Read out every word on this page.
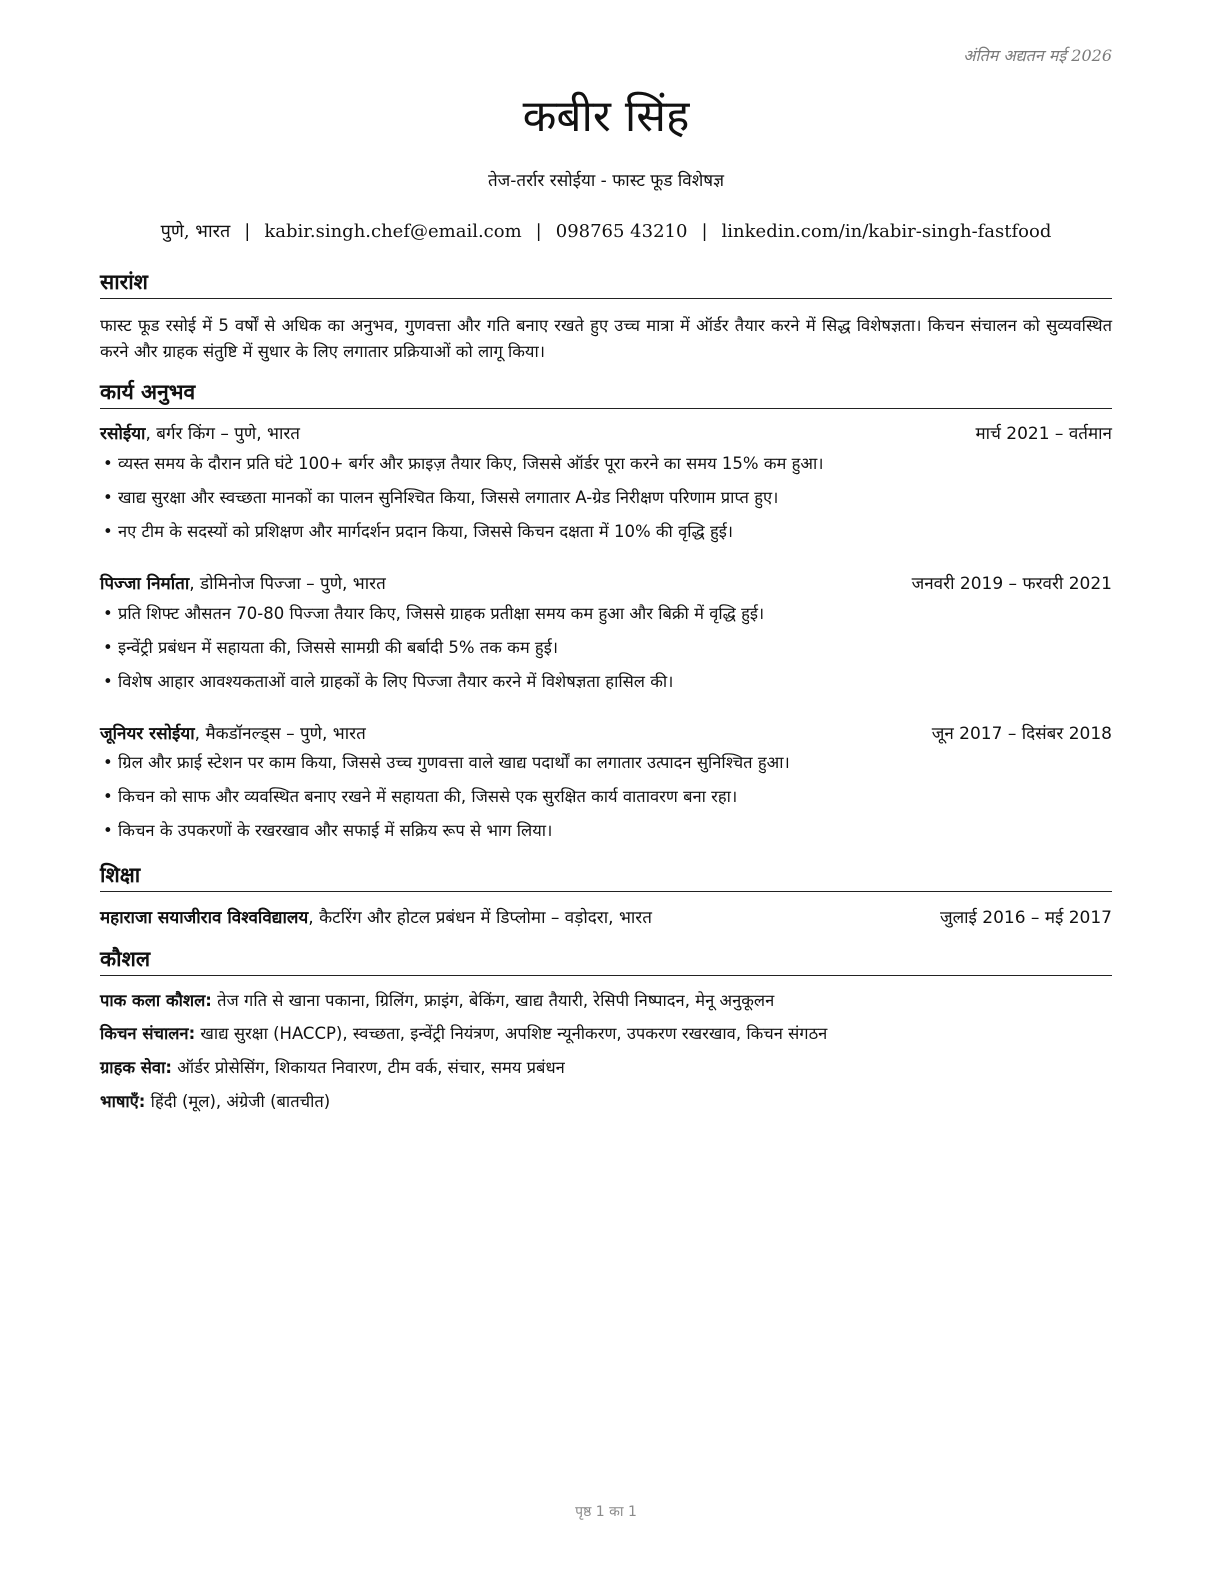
अंतिम अद्यतन मई 2026
कबीर सिंह
तेज-तर्रार रसोईया - फास्ट फूड विशेषज्ञ
पुणे, भारत | kabir.singh.chef@email.com | 098765 43210 | linkedin.com/in/kabir-singh-fastfood
सारांश
फास्ट फूड रसोई में 5 वर्षों से अधिक का अनुभव, गुणवत्ता और गति बनाए रखते हुए उच्च मात्रा में ऑर्डर तैयार करने में सिद्ध विशेषज्ञता। किचन संचालन को सुव्यवस्थित करने और ग्राहक संतुष्टि में सुधार के लिए लगातार प्रक्रियाओं को लागू किया।
कार्य अनुभव
रसोईया, बर्गर किंग – पुणे, भारत	मार्च 2021 – वर्तमान
• व्यस्त समय के दौरान प्रति घंटे 100+ बर्गर और फ्राइज़ तैयार किए, जिससे ऑर्डर पूरा करने का समय 15% कम हुआ।
• खाद्य सुरक्षा और स्वच्छता मानकों का पालन सुनिश्चित किया, जिससे लगातार A-ग्रेड निरीक्षण परिणाम प्राप्त हुए।
• नए टीम के सदस्यों को प्रशिक्षण और मार्गदर्शन प्रदान किया, जिससे किचन दक्षता में 10% की वृद्धि हुई।
पिज्जा निर्माता, डोमिनोज पिज्जा – पुणे, भारत	जनवरी 2019 – फरवरी 2021
• प्रति शिफ्ट औसतन 70-80 पिज्जा तैयार किए, जिससे ग्राहक प्रतीक्षा समय कम हुआ और बिक्री में वृद्धि हुई।
• इन्वेंट्री प्रबंधन में सहायता की, जिससे सामग्री की बर्बादी 5% तक कम हुई।
• विशेष आहार आवश्यकताओं वाले ग्राहकों के लिए पिज्जा तैयार करने में विशेषज्ञता हासिल की।
जूनियर रसोईया, मैकडॉनल्ड्स – पुणे, भारत	जून 2017 – दिसंबर 2018
• ग्रिल और फ्राई स्टेशन पर काम किया, जिससे उच्च गुणवत्ता वाले खाद्य पदार्थों का लगातार उत्पादन सुनिश्चित हुआ।
• किचन को साफ और व्यवस्थित बनाए रखने में सहायता की, जिससे एक सुरक्षित कार्य वातावरण बना रहा।
• किचन के उपकरणों के रखरखाव और सफाई में सक्रिय रूप से भाग लिया।
शिक्षा
महाराजा सयाजीराव विश्वविद्यालय, कैटरिंग और होटल प्रबंधन में डिप्लोमा – वड़ोदरा, भारत	जुलाई 2016 – मई 2017
कौशल
पाक कला कौशल: तेज गति से खाना पकाना, ग्रिलिंग, फ्राइंग, बेकिंग, खाद्य तैयारी, रेसिपी निष्पादन, मेनू अनुकूलन
किचन संचालन: खाद्य सुरक्षा (HACCP), स्वच्छता, इन्वेंट्री नियंत्रण, अपशिष्ट न्यूनीकरण, उपकरण रखरखाव, किचन संगठन
ग्राहक सेवा: ऑर्डर प्रोसेसिंग, शिकायत निवारण, टीम वर्क, संचार, समय प्रबंधन
भाषाएँ: हिंदी (मूल), अंग्रेजी (बातचीत)
पृष्ठ 1 का 1
